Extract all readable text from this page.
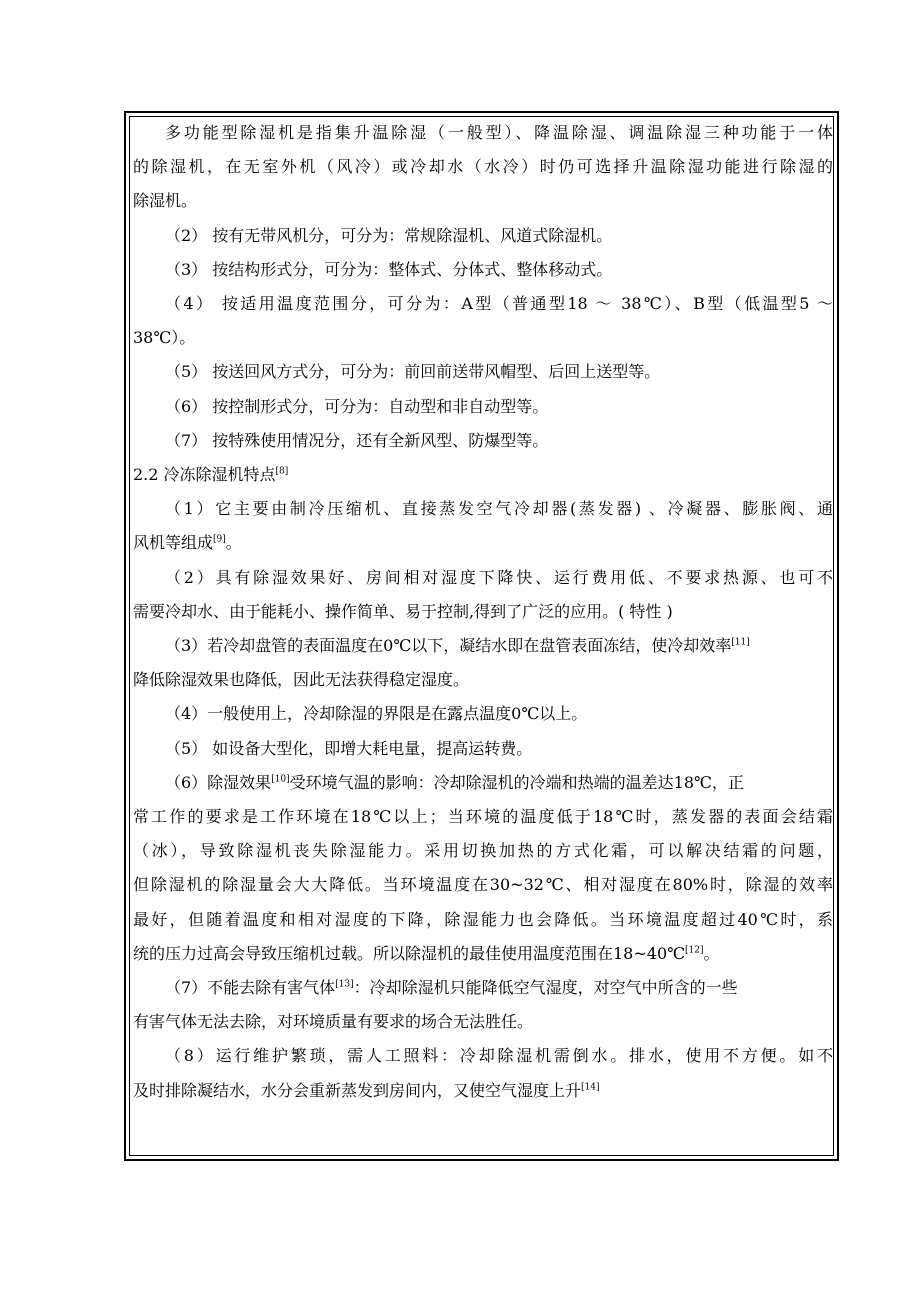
多功能型除湿机是指集升温除湿（一般型）、降温除湿、调温除湿三种功能于一体
的除湿机，在无室外机（风冷）或冷却水（水冷）时仍可选择升温除湿功能进行除湿的
除湿机。
（2） 按有无带风机分，可分为：常规除湿机、风道式除湿机。
（3） 按结构形式分，可分为：整体式、分体式、整体移动式。
（4） 按适用温度范围分，可分为：A型（普通型18 ～ 38℃）、B型（低温型5 ～
38℃）。
（5） 按送回风方式分，可分为：前回前送带风帽型、后回上送型等。
（6） 按控制形式分，可分为：自动型和非自动型等。
（7） 按特殊使用情况分，还有全新风型、防爆型等。
2.2 冷冻除湿机特点[8]
（1）它主要由制冷压缩机、直接蒸发空气冷却器(蒸发器) 、冷凝器、膨胀阀、通
风机等组成[9]。
（2）具有除湿效果好、房间相对湿度下降快、运行费用低、不要求热源、也可不
需要冷却水、由于能耗小、操作简单、易于控制,得到了广泛的应用。( 特性 )
（3）若冷却盘管的表面温度在0℃以下，凝结水即在盘管表面冻结，使冷却效率[11]
降低除湿效果也降低，因此无法获得稳定湿度。
（4）一般使用上，冷却除湿的界限是在露点温度0℃以上。
（5） 如设备大型化，即增大耗电量，提高运转费。
（6）除湿效果[10]受环境气温的影响：冷却除湿机的冷端和热端的温差达18℃，正
常工作的要求是工作环境在18℃以上；当环境的温度低于18℃时，蒸发器的表面会结霜
（冰），导致除湿机丧失除湿能力。采用切换加热的方式化霜，可以解决结霜的问题，
但除湿机的除湿量会大大降低。当环境温度在30~32℃、相对湿度在80%时，除湿的效率
最好，但随着温度和相对湿度的下降，除湿能力也会降低。当环境温度超过40℃时，系
统的压力过高会导致压缩机过载。所以除湿机的最佳使用温度范围在18~40℃[12]。
（7）不能去除有害气体[13]：冷却除湿机只能降低空气湿度，对空气中所含的一些
有害气体无法去除，对环境质量有要求的场合无法胜任。
（8）运行维护繁琐，需人工照料：冷却除湿机需倒水。排水，使用不方便。如不
及时排除凝结水，水分会重新蒸发到房间内，又使空气湿度上升[14]
